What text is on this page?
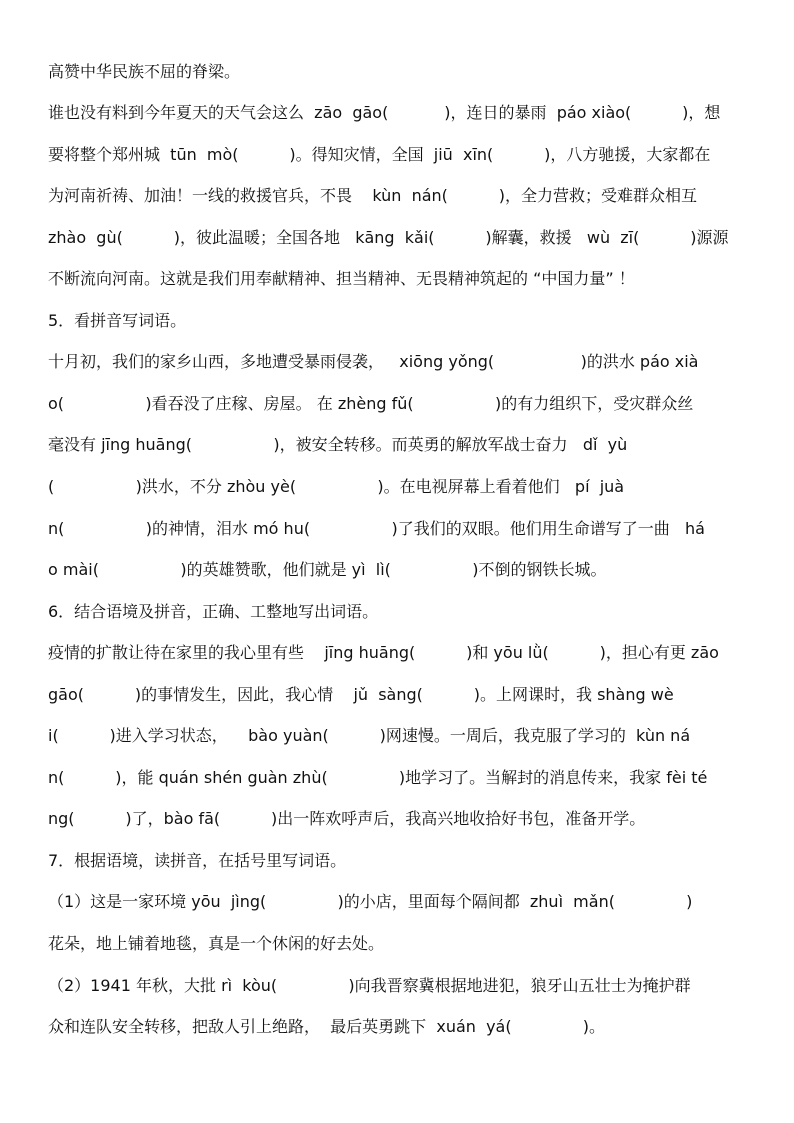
高赞中华民族不屈的脊梁。
谁也没有料到今年夏天的天气会这么  zāo  gāo(           )，连日的暴雨  páo xiào(          )，想
要将整个郑州城  tūn  mò(          )。得知灾情，全国  jiū  xīn(          )，八方驰援，大家都在
为河南祈祷、加油！一线的救援官兵，不畏    kùn  nán(          )，全力营救；受难群众相互
zhào  gù(          )，彼此温暖；全国各地   kāng  kǎi(          )解囊，救援   wù  zī(          )源源
不断流向河南。这就是我们用奉献精神、担当精神、无畏精神筑起的 “中国力量” ！
5．看拼音写词语。
十月初，我们的家乡山西，多地遭受暴雨侵袭，   xiōng yǒng(                 )的洪水 páo xià
o(                )看吞没了庄稼、房屋。 在 zhèng fǔ(                )的有力组织下，受灾群众丝
毫没有 jīng huāng(                )，被安全转移。而英勇的解放军战士奋力   dǐ  yù
(                )洪水，不分 zhòu yè(                )。在电视屏幕上看着他们   pí  juà
n(                )的神情，泪水 mó hu(                )了我们的双眼。他们用生命谱写了一曲   há
o mài(                )的英雄赞歌，他们就是 yì  lì(                )不倒的钢铁长城。
6．结合语境及拼音，正确、工整地写出词语。
疫情的扩散让待在家里的我心里有些    jīng huāng(          )和 yōu lǜ(          )，担心有更 zāo
gāo(          )的事情发生，因此，我心情    jǔ  sàng(          )。上网课时，我 shàng wè
i(          )进入学习状态，    bào yuàn(          )网速慢。一周后，我克服了学习的  kùn ná
n(          )，能 quán shén guàn zhù(              )地学习了。当解封的消息传来，我家 fèi té
ng(          )了，bào fā(          )出一阵欢呼声后，我高兴地收拾好书包，准备开学。
7．根据语境，读拼音，在括号里写词语。
（1）这是一家环境 yōu  jìng(              )的小店，里面每个隔间都  zhuì  mǎn(              )
花朵，地上铺着地毯，真是一个休闲的好去处。
（2）1941 年秋，大批 rì  kòu(              )向我晋察冀根据地进犯，狼牙山五壮士为掩护群
众和连队安全转移，把敌人引上绝路，  最后英勇跳下  xuán  yá(              )。
